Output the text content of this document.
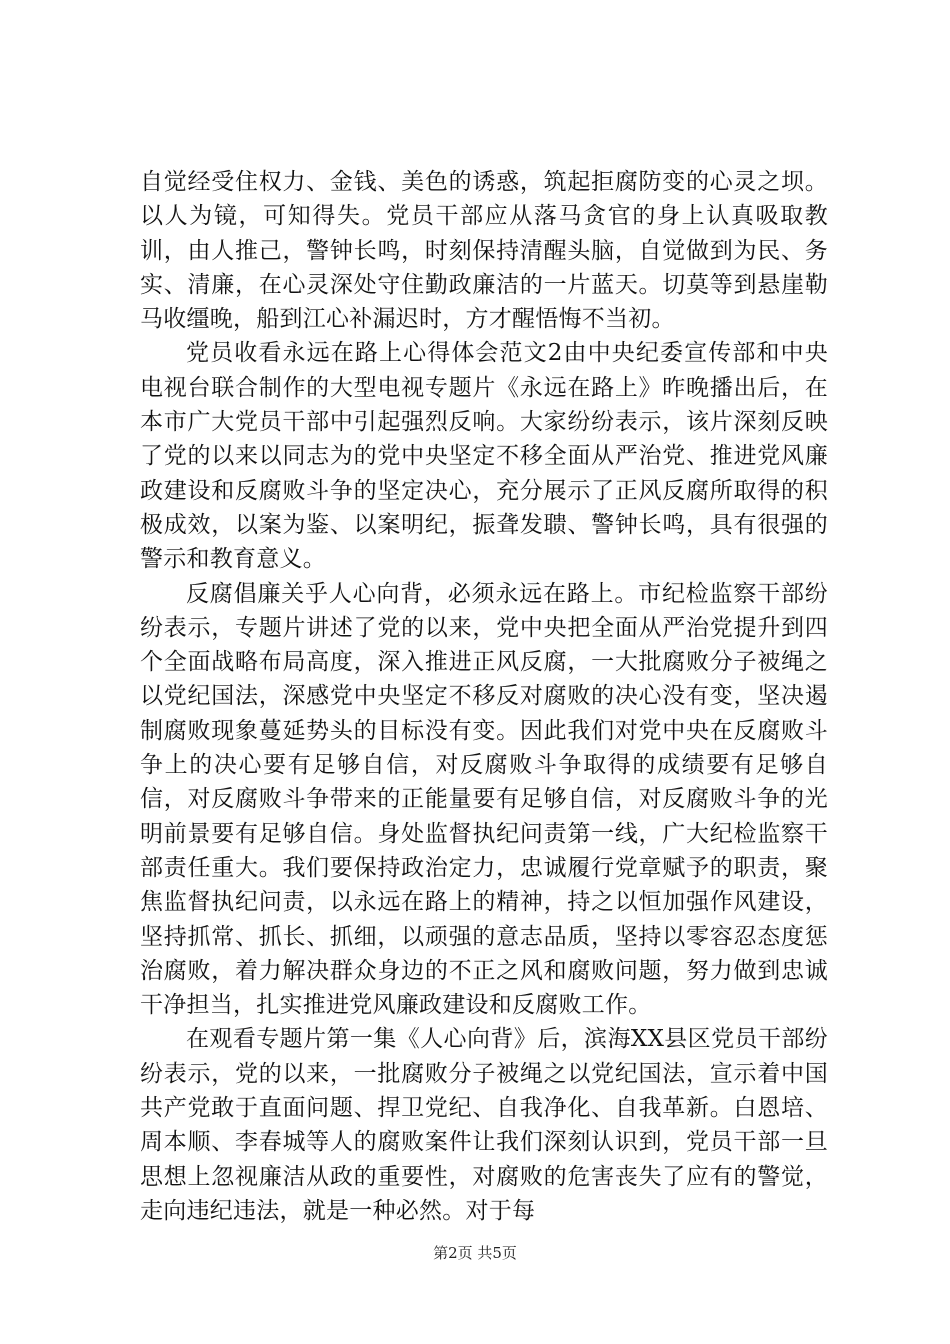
自觉经受住权力、金钱、美色的诱惑，筑起拒腐防变的心灵之坝。以人为镜，可知得失。党员干部应从落马贪官的身上认真吸取教训，由人推己，警钟长鸣，时刻保持清醒头脑，自觉做到为民、务实、清廉，在心灵深处守住勤政廉洁的一片蓝天。切莫等到悬崖勒马收缰晚，船到江心补漏迟时，方才醒悟悔不当初。

党员收看永远在路上心得体会范文2由中央纪委宣传部和中央电视台联合制作的大型电视专题片《永远在路上》昨晚播出后，在本市广大党员干部中引起强烈反响。大家纷纷表示，该片深刻反映了党的以来以同志为的党中央坚定不移全面从严治党、推进党风廉政建设和反腐败斗争的坚定决心，充分展示了正风反腐所取得的积极成效，以案为鉴、以案明纪，振聋发聩、警钟长鸣，具有很强的警示和教育意义。

反腐倡廉关乎人心向背，必须永远在路上。市纪检监察干部纷纷表示，专题片讲述了党的以来，党中央把全面从严治党提升到四个全面战略布局高度，深入推进正风反腐，一大批腐败分子被绳之以党纪国法，深感党中央坚定不移反对腐败的决心没有变，坚决遏制腐败现象蔓延势头的目标没有变。因此我们对党中央在反腐败斗争上的决心要有足够自信，对反腐败斗争取得的成绩要有足够自信，对反腐败斗争带来的正能量要有足够自信，对反腐败斗争的光明前景要有足够自信。身处监督执纪问责第一线，广大纪检监察干部责任重大。我们要保持政治定力，忠诚履行党章赋予的职责，聚焦监督执纪问责，以永远在路上的精神，持之以恒加强作风建设，坚持抓常、抓长、抓细，以顽强的意志品质，坚持以零容忍态度惩治腐败，着力解决群众身边的不正之风和腐败问题，努力做到忠诚干净担当，扎实推进党风廉政建设和反腐败工作。

在观看专题片第一集《人心向背》后，滨海XX县区党员干部纷纷表示，党的以来，一批腐败分子被绳之以党纪国法，宣示着中国共产党敢于直面问题、捍卫党纪、自我净化、自我革新。白恩培、周本顺、李春城等人的腐败案件让我们深刻认识到，党员干部一旦思想上忽视廉洁从政的重要性，对腐败的危害丧失了应有的警觉，走向违纪违法，就是一种必然。对于每

第2页 共5页
